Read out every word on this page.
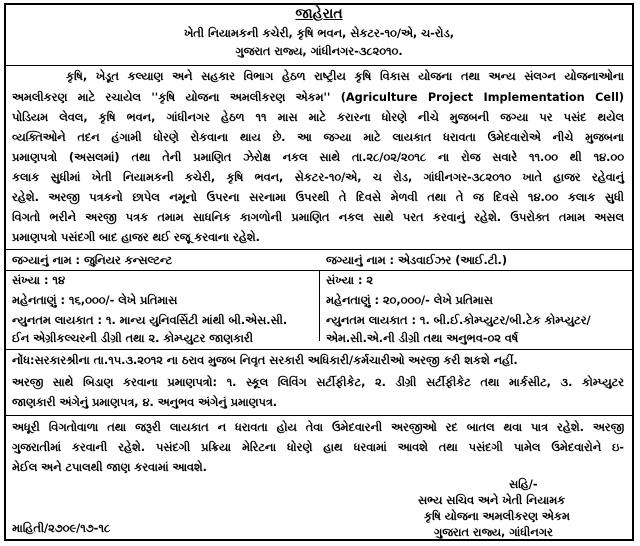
જાહેરાત
ખેતી નિયામકની કચેરી, કૃષિ ભવન, સેકટર-૧૦/એ, ચ-રોડ,
ગુજરાત રાજ્ય, ગાંધીનગર-૩૮૨૦૧૦.
કૃષિ, ખેડૂત કલ્યાણ અને સહકાર વિભાગ હેઠળ રાષ્ટ્રીય કૃષિ વિકાસ યોજના તથા અન્ય સંલગ્ન યોજનાઓના
અમલીકરણ માટે રચાયેલ ''કૃષિ યોજના અમલીકરણ એકમ'' (Agriculture Project Implementation Cell)
પોડિયમ લેવલ, કૃષિ ભવન, ગાંધીનગર હેઠળ ૧૧ માસ માટે કરારના ધોરણે નીચે મુજબની જગ્યા પર પસંદ થયેલ
વ્યક્તિઓને તદન હંગામી ધોરણે રોકવાના થાય છે. આ જગ્યા માટે લાયકાત ધરાવતા ઉમેદવારોએ નીચે મુજબના
પ્રમાણપત્રો (અસલમાં) તથા તેની પ્રમાણિત ઝેરોક્ષ નકલ સાથે તા.૨૮/૦૨/૨૦૧૮ ના રોજ સવારે ૧૧.૦૦ થી ૧૪.૦૦
કલાક સુધીમાં ખેતી નિયામકની કચેરી, કૃષિ ભવન, સેકટર-૧૦/એ, ચ રોડ, ગાંધીનગર-૩૮૨૦૧૦ ખાતે હાજર રહેવાનું
રહેશે. અરજી પત્રકનો છાપેલ નમૂનો ઉપરના સરનામા ઉપરથી તે દિવસે મેળવી તથા તે જ દિવસે ૧૪.૦૦ કલાક સુધી
વિગતો ભરીને અરજી પત્રક તમામ સાધનિક કાગળોની પ્રમાણિત નકલ સાથે પરત કરવાનું રહેશે. ઉપરોક્ત તમામ અસલ
પ્રમાણપત્રો પસંદગી બાદ હાજર થઈ રજૂ કરવાના રહેશે.
જગ્યાનું નામ : જુનિયર કન્સલ્ટન્ટ
સંખ્યા : ૧૪
મહેનતાણું : ૧૬,૦૦૦/- લેખે પ્રતિમાસ
ન્યુનતમ લાયકાત : ૧. માન્ય યુનિવર્સિટી માંથી બી.એસ.સી.
ઈન એગ્રીકલ્ચરની ડીગ્રી તથા ૨. કોમ્પ્યુટર જાણકારી
જગ્યાનું નામ : એડવાઈઝર (આઈ.ટી.)
સંખ્યા : ૨
મહેનતાણું : ૨૦,૦૦૦/- લેખે પ્રતિમાસ
ન્યુનતમ લાયકાત : ૧. બી.ઈ.કોમ્પ્યુટર/બી.ટેક કોમ્પ્યુટર/
એમ.સી.એ.ની ડીગ્રી તથા અનુભવ-૦૨ વર્ષ
નોંધ:સરકારશ્રીના તા.૧૫.૩.૨૦૧૨ ના ઠરાવ મુજબ નિવૃત સરકારી અધિકારી/કર્મચારીઓ અરજી કરી શકશે નહીં.
અરજી સાથે બિડાણ કરવાના પ્રમાણપત્રો: ૧. સ્કૂલ લિવિંગ સર્ટીફીકેટ, ૨. ડીગ્રી સર્ટીફીકેટ તથા માર્કસીટ, ૩. કોમ્પ્યુટર
જાણકારી અંગેનું પ્રમાણપત્ર, ૪. અનુભવ અંગેનું પ્રમાણપત્ર.
અધૂરી વિગતોવાળા તથા જરૂરી લાયકાત ન ધરાવતા હોય તેવા ઉમેદવારની અરજીઓ રદ બાતલ થવા પાત્ર રહેશે. અરજી
ગુજરાતીમાં કરવાની રહેશે. પસંદગી પ્રક્રિયા મેરિટના ધોરણે હાથ ધરવામાં આવશે તથા પસંદગી પામેલ ઉમેદવારોને ઇ-
મેઈલ અને ટપાલથી જાણ કરવામાં આવશે.
સહિ/-
સભ્ય સચિવ અને ખેતી નિયામક
કૃષિ યોજના અમલીકરણ એકમ
ગુજરાત રાજ્ય, ગાંધીનગર
માહિતી/૨૭૦૯/૧૭-૧૮
